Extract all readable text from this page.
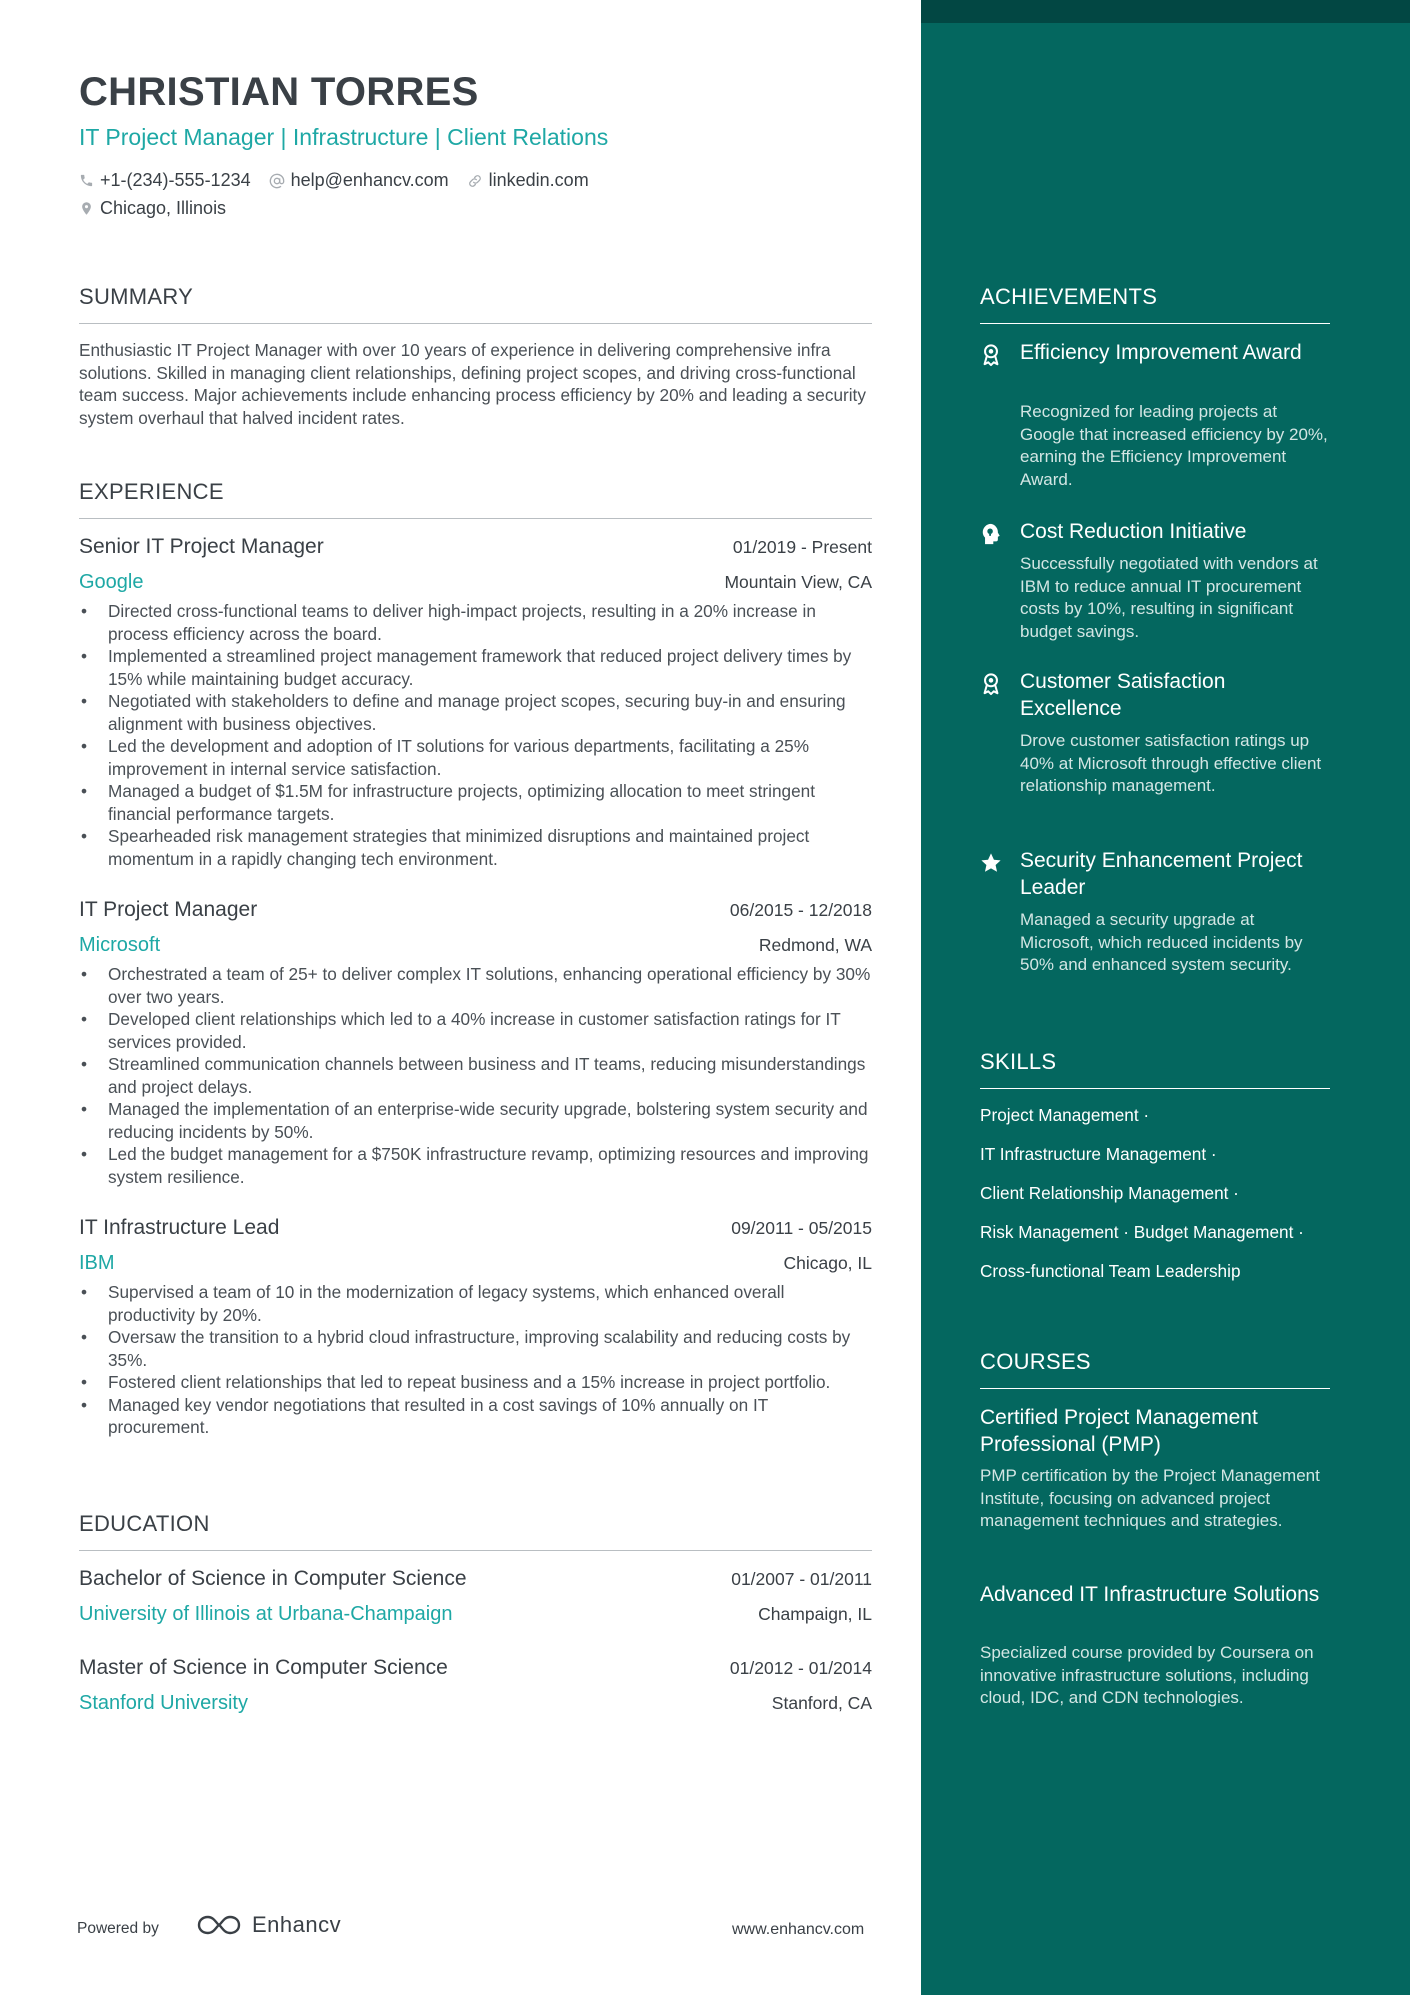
CHRISTIAN TORRES
IT Project Manager | Infrastructure | Client Relations
+1-(234)-555-1234 help@enhancv.com linkedin.com
Chicago, Illinois
SUMMARY
Enthusiastic IT Project Manager with over 10 years of experience in delivering comprehensive infra solutions. Skilled in managing client relationships, defining project scopes, and driving cross-functional team success. Major achievements include enhancing process efficiency by 20% and leading a security system overhaul that halved incident rates.
EXPERIENCE
Senior IT Project Manager	01/2019 - Present
Google	Mountain View, CA
• Directed cross-functional teams to deliver high-impact projects, resulting in a 20% increase in process efficiency across the board.
• Implemented a streamlined project management framework that reduced project delivery times by 15% while maintaining budget accuracy.
• Negotiated with stakeholders to define and manage project scopes, securing buy-in and ensuring alignment with business objectives.
• Led the development and adoption of IT solutions for various departments, facilitating a 25% improvement in internal service satisfaction.
• Managed a budget of $1.5M for infrastructure projects, optimizing allocation to meet stringent financial performance targets.
• Spearheaded risk management strategies that minimized disruptions and maintained project momentum in a rapidly changing tech environment.
IT Project Manager	06/2015 - 12/2018
Microsoft	Redmond, WA
• Orchestrated a team of 25+ to deliver complex IT solutions, enhancing operational efficiency by 30% over two years.
• Developed client relationships which led to a 40% increase in customer satisfaction ratings for IT services provided.
• Streamlined communication channels between business and IT teams, reducing misunderstandings and project delays.
• Managed the implementation of an enterprise-wide security upgrade, bolstering system security and reducing incidents by 50%.
• Led the budget management for a $750K infrastructure revamp, optimizing resources and improving system resilience.
IT Infrastructure Lead	09/2011 - 05/2015
IBM	Chicago, IL
• Supervised a team of 10 in the modernization of legacy systems, which enhanced overall productivity by 20%.
• Oversaw the transition to a hybrid cloud infrastructure, improving scalability and reducing costs by 35%.
• Fostered client relationships that led to repeat business and a 15% increase in project portfolio.
• Managed key vendor negotiations that resulted in a cost savings of 10% annually on IT procurement.
EDUCATION
Bachelor of Science in Computer Science	01/2007 - 01/2011
University of Illinois at Urbana-Champaign	Champaign, IL
Master of Science in Computer Science	01/2012 - 01/2014
Stanford University	Stanford, CA
Powered by	Enhancv	www.enhancv.com
ACHIEVEMENTS
Efficiency Improvement Award
Recognized for leading projects at Google that increased efficiency by 20%, earning the Efficiency Improvement Award.
Cost Reduction Initiative
Successfully negotiated with vendors at IBM to reduce annual IT procurement costs by 10%, resulting in significant budget savings.
Customer Satisfaction Excellence
Drove customer satisfaction ratings up 40% at Microsoft through effective client relationship management.
Security Enhancement Project Leader
Managed a security upgrade at Microsoft, which reduced incidents by 50% and enhanced system security.
SKILLS
Project Management ·
IT Infrastructure Management ·
Client Relationship Management ·
Risk Management · Budget Management ·
Cross-functional Team Leadership
COURSES
Certified Project Management Professional (PMP)
PMP certification by the Project Management Institute, focusing on advanced project management techniques and strategies.
Advanced IT Infrastructure Solutions
Specialized course provided by Coursera on innovative infrastructure solutions, including cloud, IDC, and CDN technologies.
